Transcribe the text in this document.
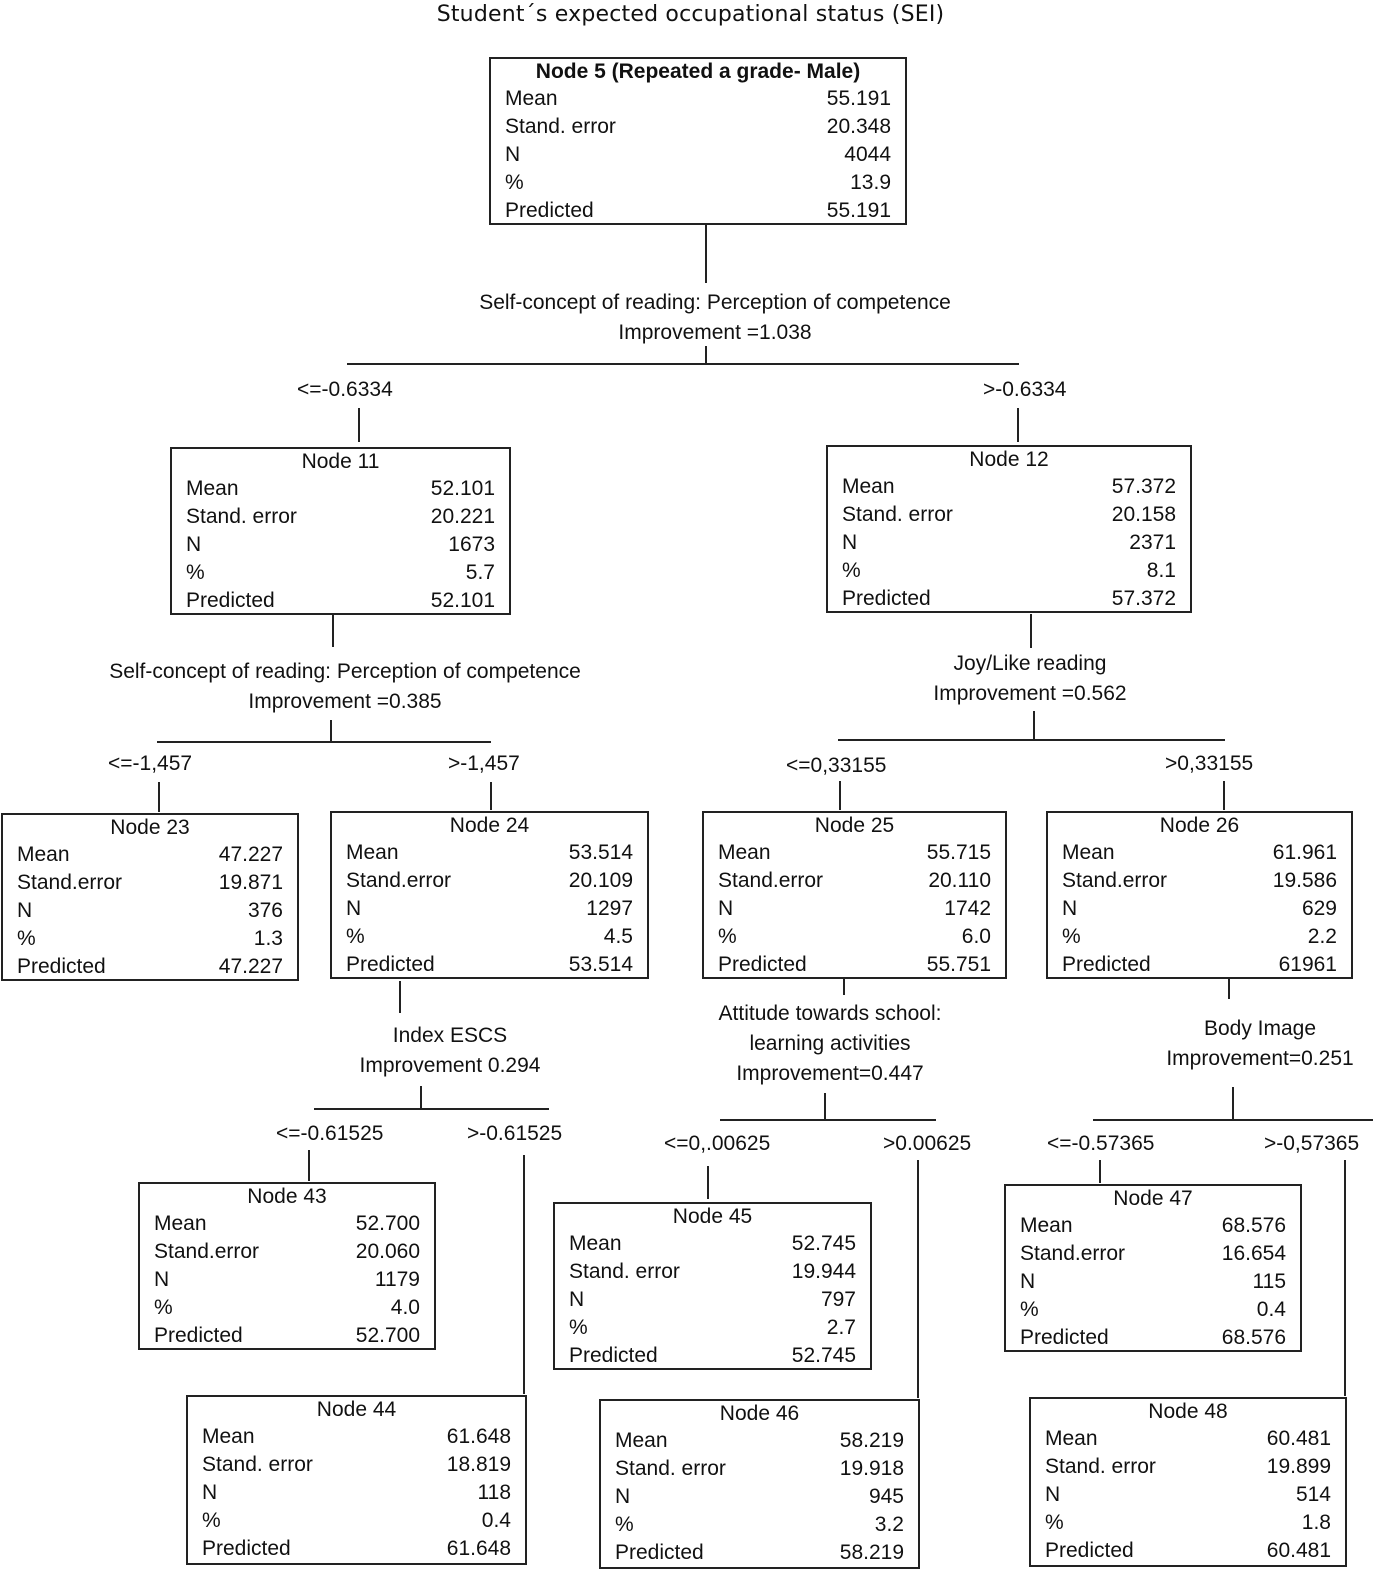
Student´s expected occupational status (SEI)
Self-concept of reading: Perception of competence
Improvement =1.038
Self-concept of reading: Perception of competence
Improvement =0.385
Joy/Like reading
Improvement =0.562
Index ESCS
Improvement 0.294
Attitude towards school:
learning activities
Improvement=0.447
Body Image
Improvement=0.251
<=-0.6334	>-0.6334
<=-1,457	>-1,457	<=0,33155	>0,33155
<=-0.61525	>-0.61525	<=0,.00625	>0.00625	<=-0.57365	>-0,57365
Node 5 (Repeated a grade- Male)
Mean	55.191
Stand. error	20.348
N	4044
%	13.9
Predicted	55.191
Node 11
Mean	52.101
Stand. error	20.221
N	1673
%	5.7
Predicted	52.101
Node 12
Mean	57.372
Stand. error	20.158
N	2371
%	8.1
Predicted	57.372
Node 23
Mean	47.227
Stand.error	19.871
N	376
%	1.3
Predicted	47.227
Node 24
Mean	53.514
Stand.error	20.109
N	1297
%	4.5
Predicted	53.514
Node 25
Mean	55.715
Stand.error	20.110
N	1742
%	6.0
Predicted	55.751
Node 26
Mean	61.961
Stand.error	19.586
N	629
%	2.2
Predicted	61961
Node 43
Mean	52.700
Stand.error	20.060
N	1179
%	4.0
Predicted	52.700
Node 44
Mean	61.648
Stand. error	18.819
N	118
%	0.4
Predicted	61.648
Node 45
Mean	52.745
Stand. error	19.944
N	797
%	2.7
Predicted	52.745
Node 46
Mean	58.219
Stand. error	19.918
N	945
%	3.2
Predicted	58.219
Node 47
Mean	68.576
Stand.error	16.654
N	115
%	0.4
Predicted	68.576
Node 48
Mean	60.481
Stand. error	19.899
N	514
%	1.8
Predicted	60.481
